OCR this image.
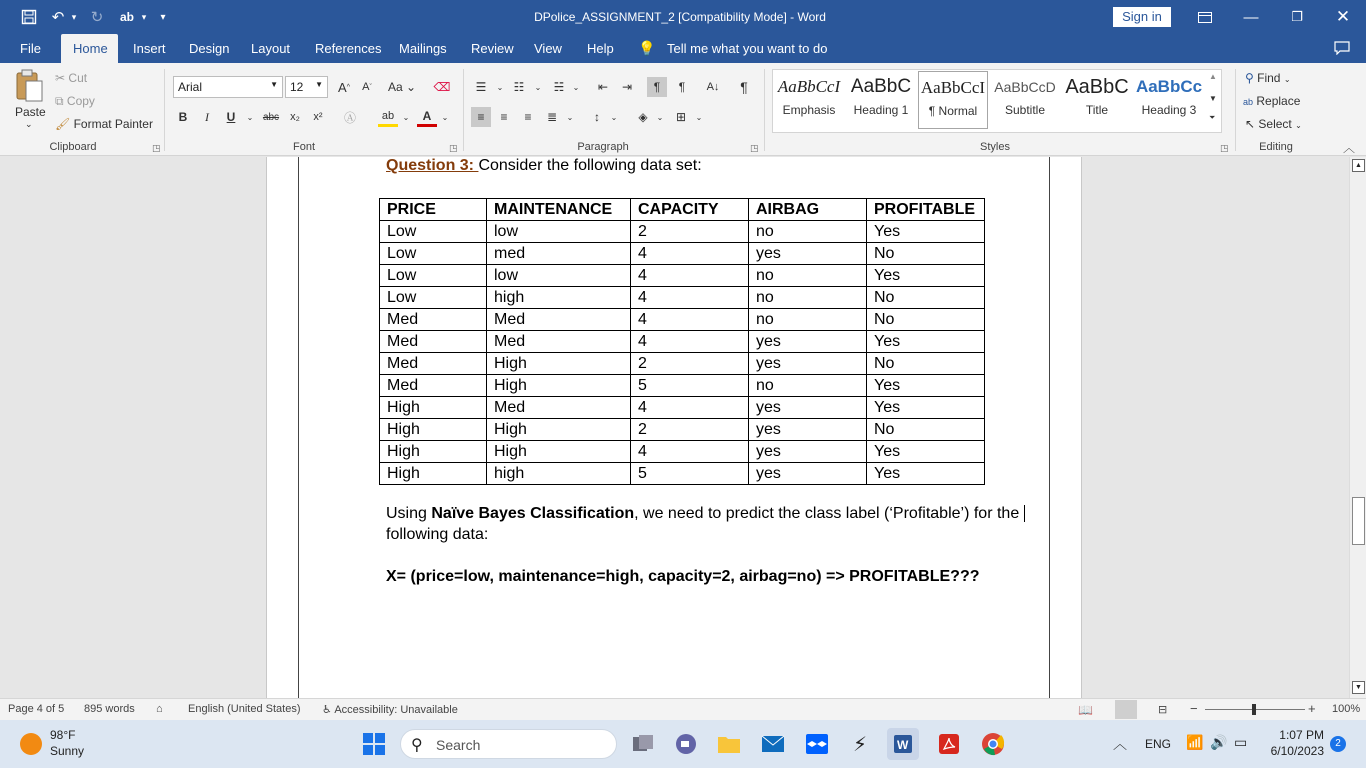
↶ ▾ ↻	ab ▾	▾	DPolice_ASSIGNMENT_2 [Compatibility Mode] - Word	Sign in	—	❐	✕
File	Home	Insert	Design	Layout	References	Mailings	Review	View	Help	💡 Tell me what you want to do
Paste
⌄
✂ Cut
⧉ Copy
🖌 Format Painter
Clipboard	◳
Arial	▼	12 ▼	A ^	A ˇ Aa ⌄ ⌫
B	I	U	⌄ abc	x₂	x²	Ⓐ	ab	⌄	A	⌄
Font	◳
☰	⌄ ☷	⌄	☵	⌄	⇤	⇥	¶	¶	A↓	¶
≡	≡	≡	≣	⌄	↕	⌄	◈	⌄	⊞	⌄
Paragraph	◳
AaBbCcI
Emphasis
AaBbC
Heading 1
AaBbCcI
¶ Normal
AaBbCcD
Subtitle
AaBbC
Title
AaBbCc
Heading 3
▲
▼
⏷
Styles	◳
⚲ Find ⌄
ab Replace
↖ Select ⌄
Editing	︿
Question 3: Consider the following data set:
PRICE	MAINTENANCE	CAPACITY	AIRBAG	PROFITABLE
Low	low	2	no	Yes
Low	med	4	yes	No
Low	low	4	no	Yes
Low	high	4	no	No
Med	Med	4	no	No
Med	Med	4	yes	Yes
Med	High	2	yes	No
Med	High	5	no	Yes
High	Med	4	yes	Yes
High	High	2	yes	No
High	High	4	yes	Yes
High	high	5	yes	Yes
Using Naïve Bayes Classification, we need to predict the class label (‘Profitable’) for the
following data:
X= (price=low, maintenance=high, capacity=2, airbag=no) => PROFITABLE???
▲
▼
Page 4 of 5 895 words ⌂ English (United States) ♿ Accessibility: Unavailable	📖	⊟ −	+ 100%
98°F
Sunny	⚲ Search	⚡	W	︿ ENG 📶 🔊 ▭	1:07 PM
6/10/2023
2
